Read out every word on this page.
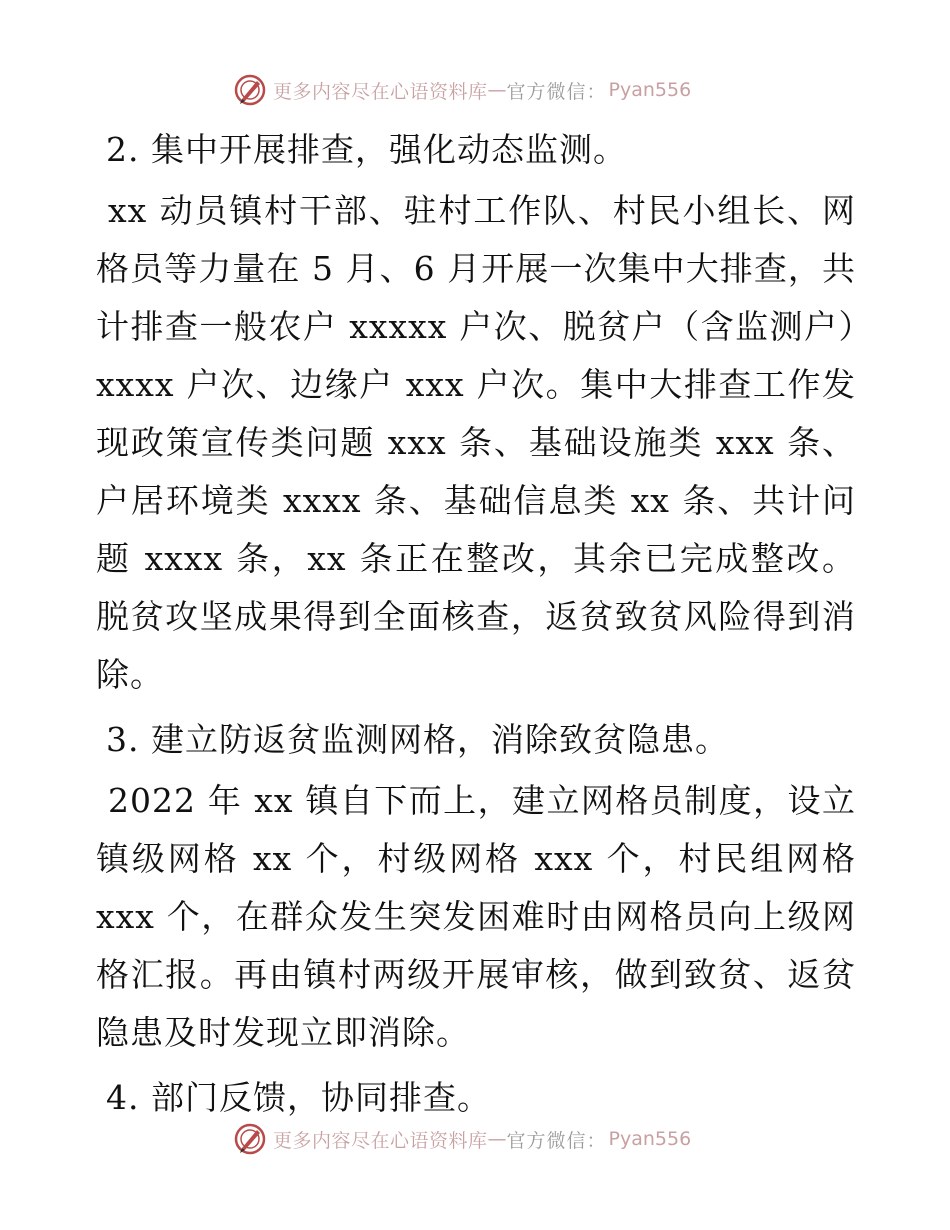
更多内容尽在心语资料库 — 官方微信： Pyan556

2. 集中开展排查，强化动态监测。

xx 动员镇村干部、驻村工作队、村民小组长、网格员等力量在 5 月、6 月开展一次集中大排查，共计排查一般农户 xxxxx 户次、脱贫户（含监测户）xxxx 户次、边缘户 xxx 户次。集中大排查工作发现政策宣传类问题 xxx 条、基础设施类 xxx 条、户居环境类 xxxx 条、基础信息类 xx 条、共计问题 xxxx 条，xx 条正在整改，其余已完成整改。脱贫攻坚成果得到全面核查，返贫致贫风险得到消除。

3. 建立防返贫监测网格，消除致贫隐患。

2022 年 xx 镇自下而上，建立网格员制度，设立镇级网格 xx 个，村级网格 xxx 个，村民组网格 xxx 个，在群众发生突发困难时由网格员向上级网格汇报。再由镇村两级开展审核，做到致贫、返贫隐患及时发现立即消除。

4. 部门反馈，协同排查。

更多内容尽在心语资料库 — 官方微信： Pyan556
